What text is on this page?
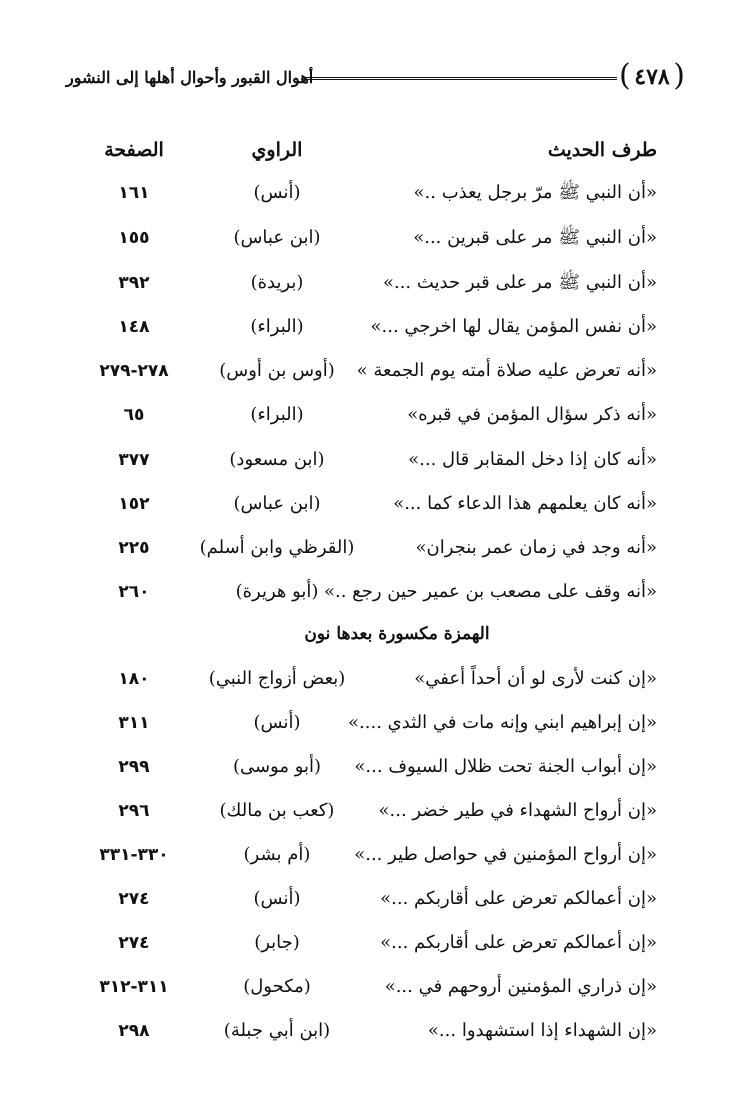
( ٤٧٨ )
أهوال القبور وأحوال أهلها إلى النشور
طرف الحديث
الراوي
الصفحة
«أن النبي ﷺ مرّ برجل يعذب ..»
(أنس)
١٦١
«أن النبي ﷺ مر على قبرين ...»
(ابن عباس)
١٥٥
«أن النبي ﷺ مر على قبر حديث ...»
(بريدة)
٣٩٢
«أن نفس المؤمن يقال لها اخرجي ...»
(البراء)
١٤٨
«أنه تعرض عليه صلاة أمته يوم الجمعة »
(أوس بن أوس)
٢٧٨-٢٧٩
«أنه ذكر سؤال المؤمن في قبره»
(البراء)
٦٥
«أنه كان إذا دخل المقابر قال ...»
(ابن مسعود)
٣٧٧
«أنه كان يعلمهم هذا الدعاء كما ...»
(ابن عباس)
١٥٢
«أنه وجد في زمان عمر بنجران»
(القرظي وابن أسلم)
٢٢٥
«أنه وقف على مصعب بن عمير حين رجع ..»
(أبو هريرة)
٢٦٠
الهمزة مكسورة بعدها نون
«إن كنت لأرى لو أن أحداً أعفي»
(بعض أزواج النبي)
١٨٠
«إن إبراهيم ابني وإنه مات في الثدي ....»
(أنس)
٣١١
«إن أبواب الجنة تحت ظلال السيوف ...»
(أبو موسى)
٢٩٩
«إن أرواح الشهداء في طير خضر ...»
(كعب بن مالك)
٢٩٦
«إن أرواح المؤمنين في حواصل طير ...»
(أم بشر)
٣٣٠-٣٣١
«إن أعمالكم تعرض على أقاربكم ...»
(أنس)
٢٧٤
«إن أعمالكم تعرض على أقاربكم ...»
(جابر)
٢٧٤
«إن ذراري المؤمنين أروحهم في ...»
(مكحول)
٣١١-٣١٢
«إن الشهداء إذا استشهدوا ...»
(ابن أبي جبلة)
٢٩٨
